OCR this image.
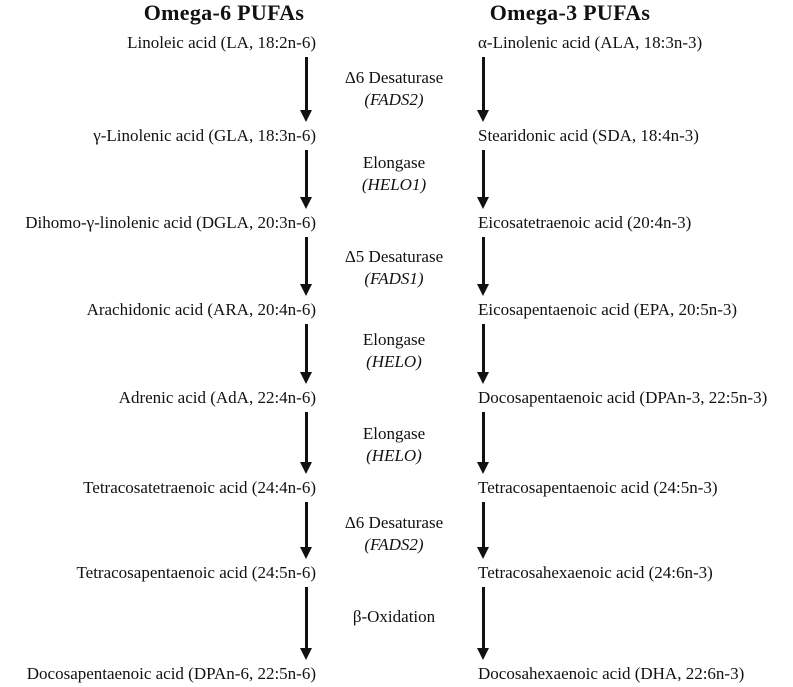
Omega-6 PUFAs	Omega-3 PUFAs
Linoleic acid (LA, 18:2n-6)
γ-Linolenic acid (GLA, 18:3n-6)
Dihomo-γ-linolenic acid (DGLA, 20:3n-6)
Arachidonic acid (ARA, 20:4n-6)
Adrenic acid (AdA, 22:4n-6)
Tetracosatetraenoic acid (24:4n-6)
Tetracosapentaenoic acid (24:5n-6)
Docosapentaenoic acid (DPAn-6, 22:5n-6)
α-Linolenic acid (ALA, 18:3n-3)
Stearidonic acid (SDA, 18:4n-3)
Eicosatetraenoic acid (20:4n-3)
Eicosapentaenoic acid (EPA, 20:5n-3)
Docosapentaenoic acid (DPAn-3, 22:5n-3)
Tetracosapentaenoic acid (24:5n-3)
Tetracosahexaenoic acid (24:6n-3)
Docosahexaenoic acid (DHA, 22:6n-3)
Δ6 Desaturase
(FADS2)
Elongase
(HELO1)
Δ5 Desaturase
(FADS1)
Elongase
(HELO)
Elongase
(HELO)
Δ6 Desaturase
(FADS2)
β-Oxidation
